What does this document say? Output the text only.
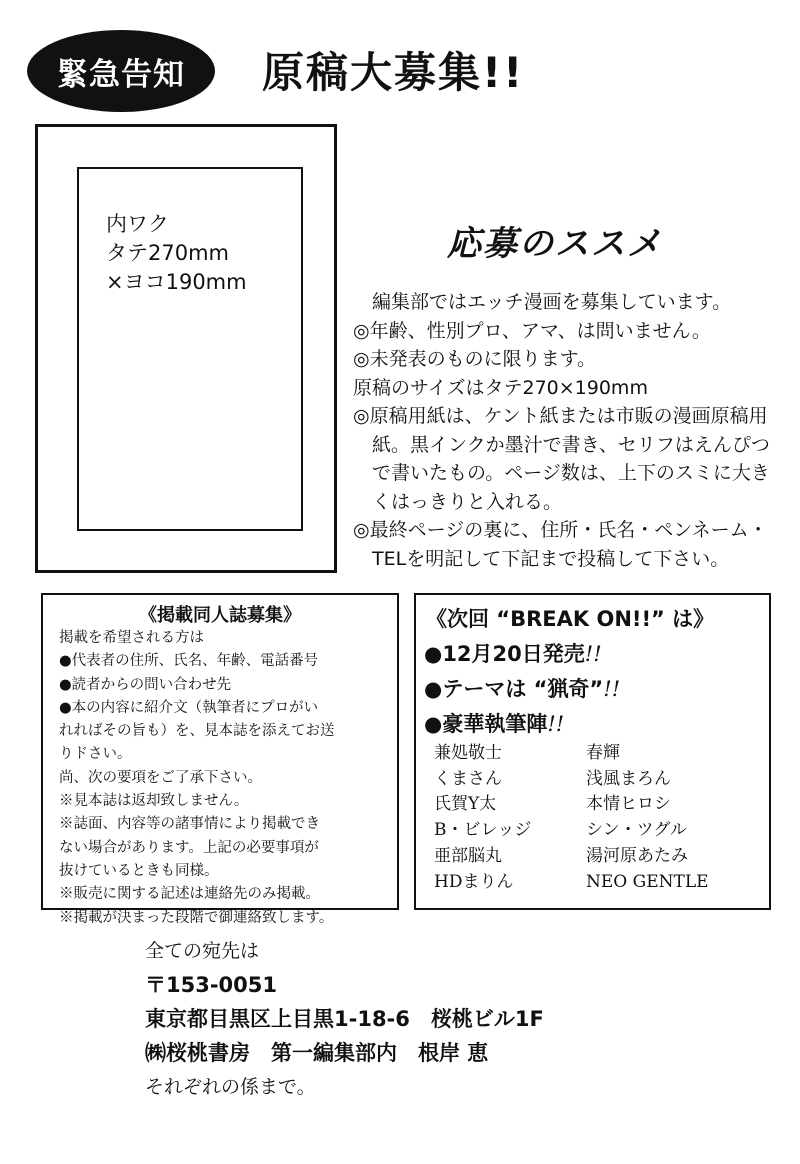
緊急告知 原稿大募集!!
内ワク
タテ270mm
×ヨコ190mm
応募のススメ
　編集部ではエッチ漫画を募集しています。
◎年齢、性別プロ、アマ、は問いません。
◎未発表のものに限ります。
原稿のサイズはタテ270×190mm
◎原稿用紙は、ケント紙または市販の漫画原稿用
　紙。黒インクか墨汁で書き、セリフはえんぴつ
　で書いたもの。ページ数は、上下のスミに大き
　くはっきりと入れる。
◎最終ページの裏に、住所・氏名・ペンネーム・
　TELを明記して下記まで投稿して下さい。
《掲載同人誌募集》
掲載を希望される方は
●代表者の住所、氏名、年齢、電話番号
●読者からの問い合わせ先
●本の内容に紹介文（執筆者にプロがい
れればその旨も）を、見本誌を添えてお送
りドさい。
尚、次の要項をご了承下さい。
※見本誌は返却致しません。
※誌面、内容等の諸事情により掲載でき
ない場合があります。上記の必要事項が
抜けているときも同様。
※販売に関する記述は連絡先のみ掲載。
※掲載が決まった段階で御連絡致します。
《次回 “BREAK ON!!” は》
●12月20日発売!!
●テーマは “猟奇”!!
●豪華執筆陣!!
兼処敬士	春輝
くまさん	浅風まろん
氏賀Y太	本情ヒロシ
B・ビレッジ	シン・ツグル
亜部脳丸	湯河原あたみ
HDまりん	NEO GENTLE
全ての宛先は
〒153-0051
東京都目黒区上目黒1-18-6　桜桃ビル1F
㈱桜桃書房　第一編集部内　根岸 恵
それぞれの係まで。
